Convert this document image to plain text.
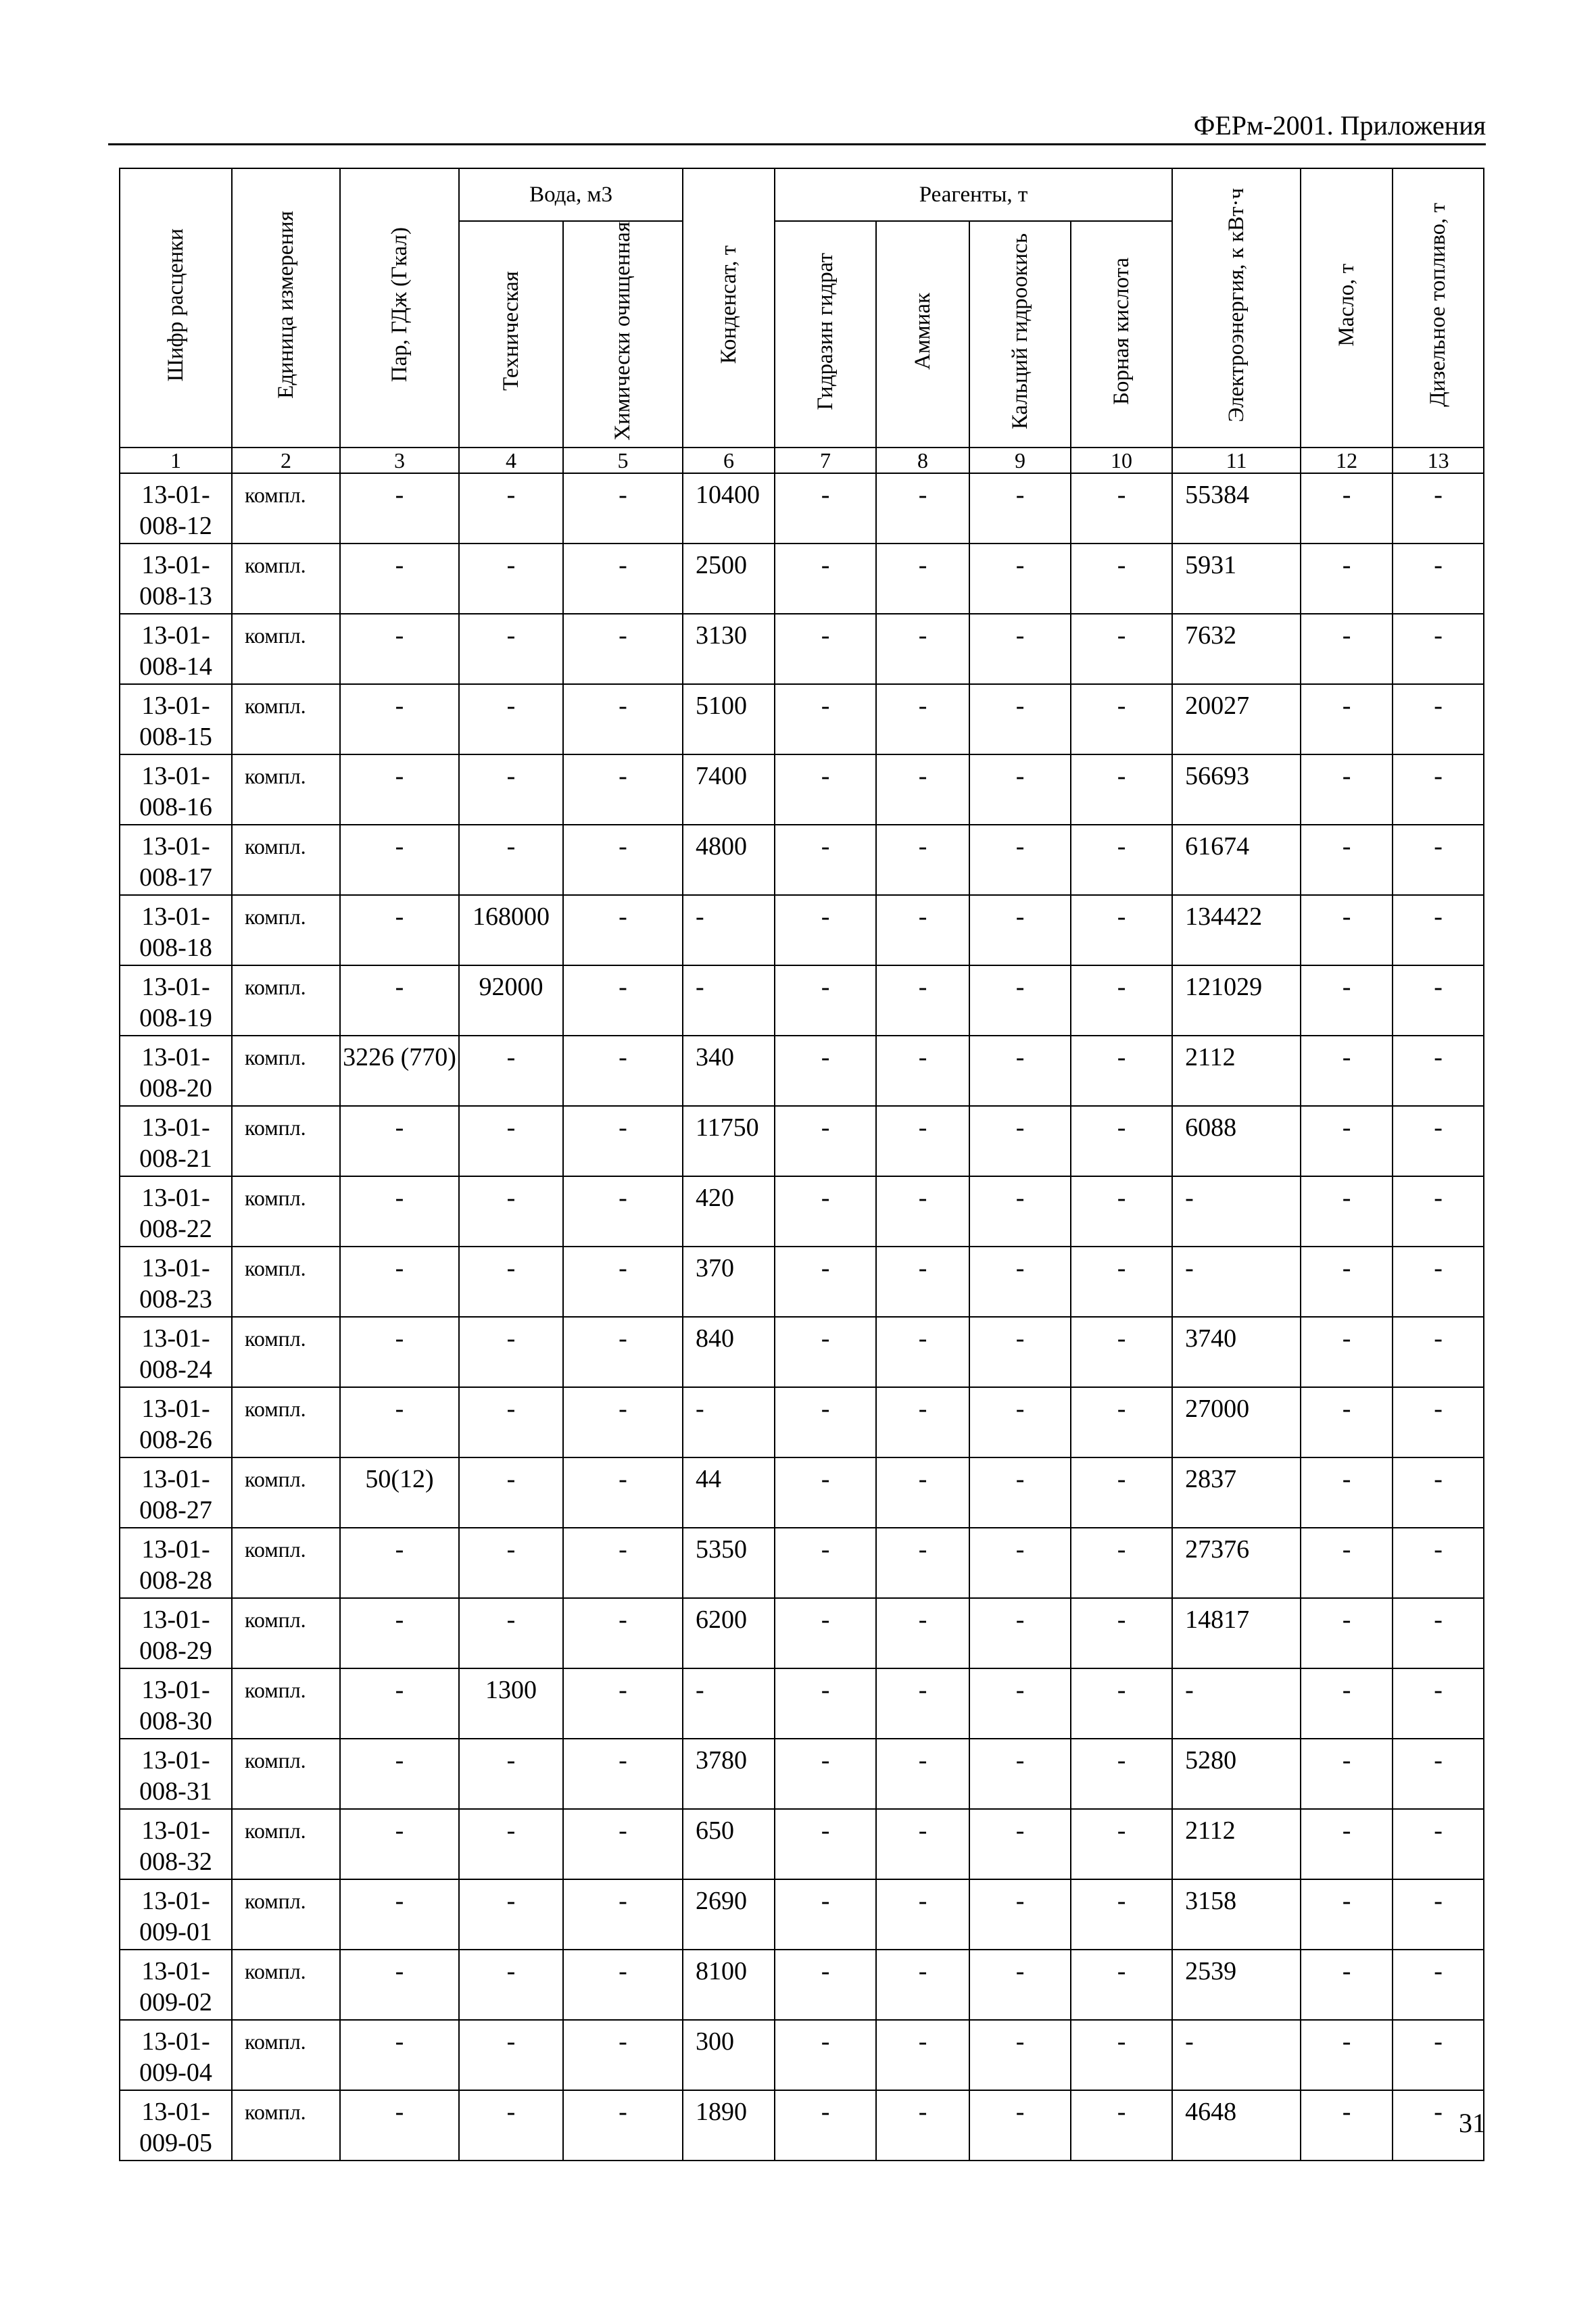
ФЕРм-2001. Приложения
Шифр расценки	Единица измерения	Пар, ГДж (Гкал)	Вода, м3		Конденсат, т	Реагенты, т				Электроэнергия, к кВт·ч	Масло, т	Дизельное топливо, т
			Техническая	Химически очищенная		Гидразин гидрат	Аммиак	Кальций гидроокись	Борная кислота			
1	2	3	4	5	6	7	8	9	10	11	12	13
13-01-008-12	компл.	-	-	-	10400	-	-	-	-	55384	-	-
13-01-008-13	компл.	-	-	-	2500	-	-	-	-	5931	-	-
13-01-008-14	компл.	-	-	-	3130	-	-	-	-	7632	-	-
13-01-008-15	компл.	-	-	-	5100	-	-	-	-	20027	-	-
13-01-008-16	компл.	-	-	-	7400	-	-	-	-	56693	-	-
13-01-008-17	компл.	-	-	-	4800	-	-	-	-	61674	-	-
13-01-008-18	компл.	-	168000	-	-	-	-	-	-	134422	-	-
13-01-008-19	компл.	-	92000	-	-	-	-	-	-	121029	-	-
13-01-008-20	компл.	3226 (770)	-	-	340	-	-	-	-	2112	-	-
13-01-008-21	компл.	-	-	-	11750	-	-	-	-	6088	-	-
13-01-008-22	компл.	-	-	-	420	-	-	-	-	-	-	-
13-01-008-23	компл.	-	-	-	370	-	-	-	-	-	-	-
13-01-008-24	компл.	-	-	-	840	-	-	-	-	3740	-	-
13-01-008-26	компл.	-	-	-	-	-	-	-	-	27000	-	-
13-01-008-27	компл.	50(12)	-	-	44	-	-	-	-	2837	-	-
13-01-008-28	компл.	-	-	-	5350	-	-	-	-	27376	-	-
13-01-008-29	компл.	-	-	-	6200	-	-	-	-	14817	-	-
13-01-008-30	компл.	-	1300	-	-	-	-	-	-	-	-	-
13-01-008-31	компл.	-	-	-	3780	-	-	-	-	5280	-	-
13-01-008-32	компл.	-	-	-	650	-	-	-	-	2112	-	-
13-01-009-01	компл.	-	-	-	2690	-	-	-	-	3158	-	-
13-01-009-02	компл.	-	-	-	8100	-	-	-	-	2539	-	-
13-01-009-04	компл.	-	-	-	300	-	-	-	-	-	-	-
13-01-009-05	компл.	-	-	-	1890	-	-	-	-	4648	-	- 31
